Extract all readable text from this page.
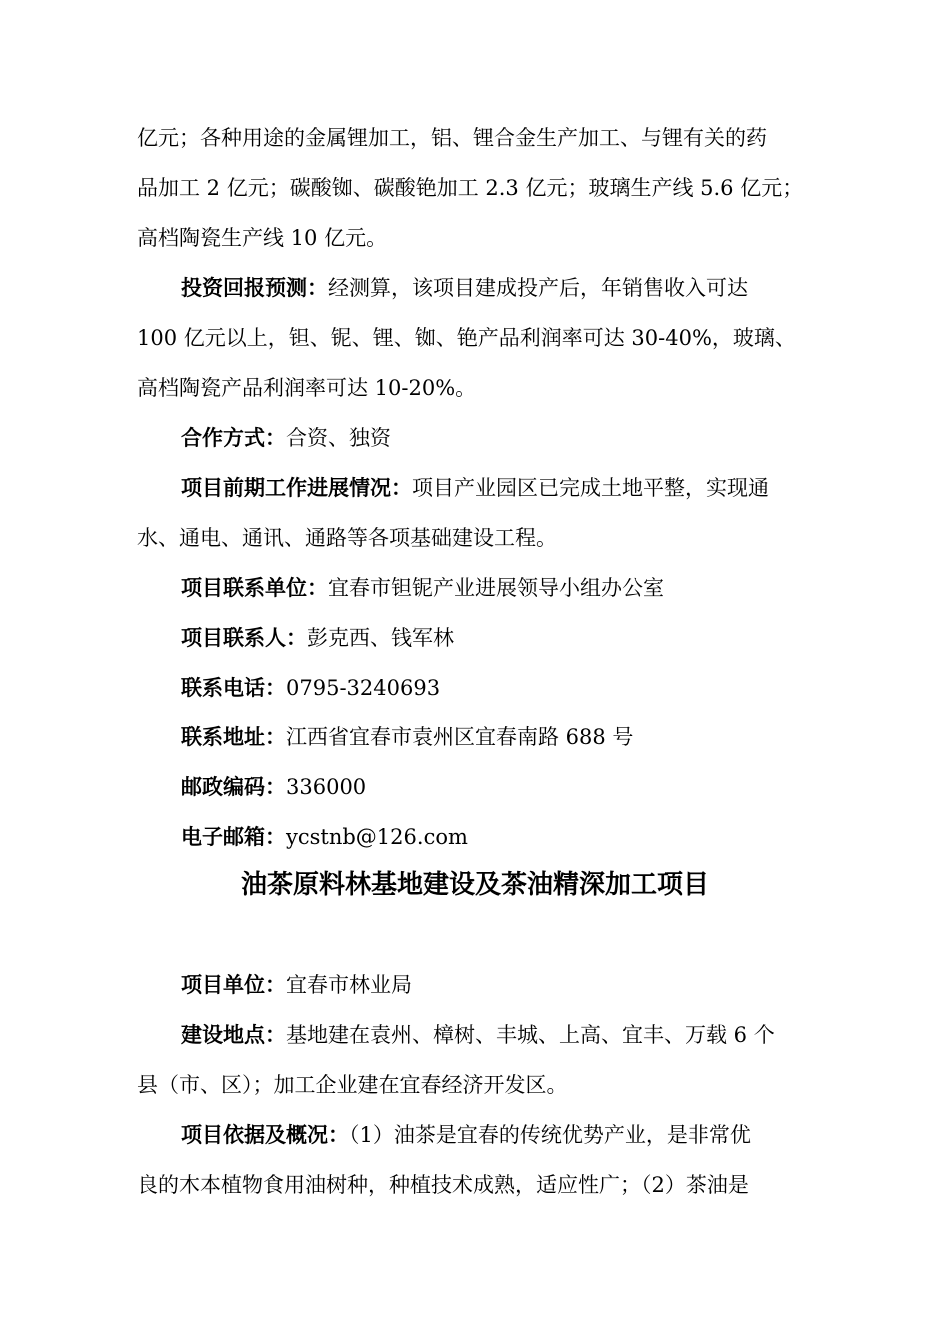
亿元；各种用途的金属锂加工，铝、锂合金生产加工、与锂有关的药
品加工 2 亿元；碳酸铷、碳酸铯加工 2.3 亿元；玻璃生产线 5.6 亿元；
高档陶瓷生产线 10 亿元。
投资回报预测：经测算，该项目建成投产后，年销售收入可达
100 亿元以上，钽、铌、锂、铷、铯产品利润率可达 30-40%，玻璃、
高档陶瓷产品利润率可达 10-20%。
合作方式：合资、独资
项目前期工作进展情况：项目产业园区已完成土地平整，实现通
水、通电、通讯、通路等各项基础建设工程。
项目联系单位：宜春市钽铌产业进展领导小组办公室
项目联系人：彭克西、钱军林
联系电话：0795-3240693
联系地址：江西省宜春市袁州区宜春南路 688 号
邮政编码：336000
电子邮箱：ycstnb@126.com
油茶原料林基地建设及茶油精深加工项目
项目单位：宜春市林业局
建设地点：基地建在袁州、樟树、丰城、上高、宜丰、万载 6 个
县（市、区）；加工企业建在宜春经济开发区。
项目依据及概况：（1）油茶是宜春的传统优势产业，是非常优
良的木本植物食用油树种，种植技术成熟，适应性广；（2）茶油是
